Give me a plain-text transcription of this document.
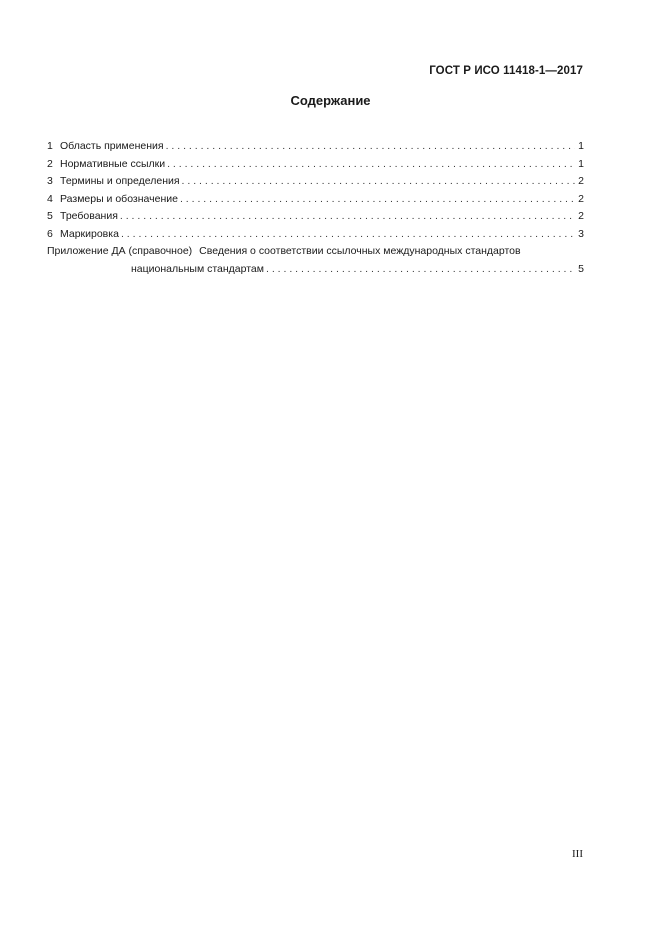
ГОСТ Р ИСО 11418-1—2017
Содержание
1 Область применения . . .	1
2 Нормативные ссылки . . .	1
3 Термины и определения . . .	2
4 Размеры и обозначение . . .	2
5 Требования . . .	2
6 Маркировка . . .	3
Приложение ДА (справочное) Сведения о соответствии ссылочных международных стандартов
национальным стандартам . . .	5
III
